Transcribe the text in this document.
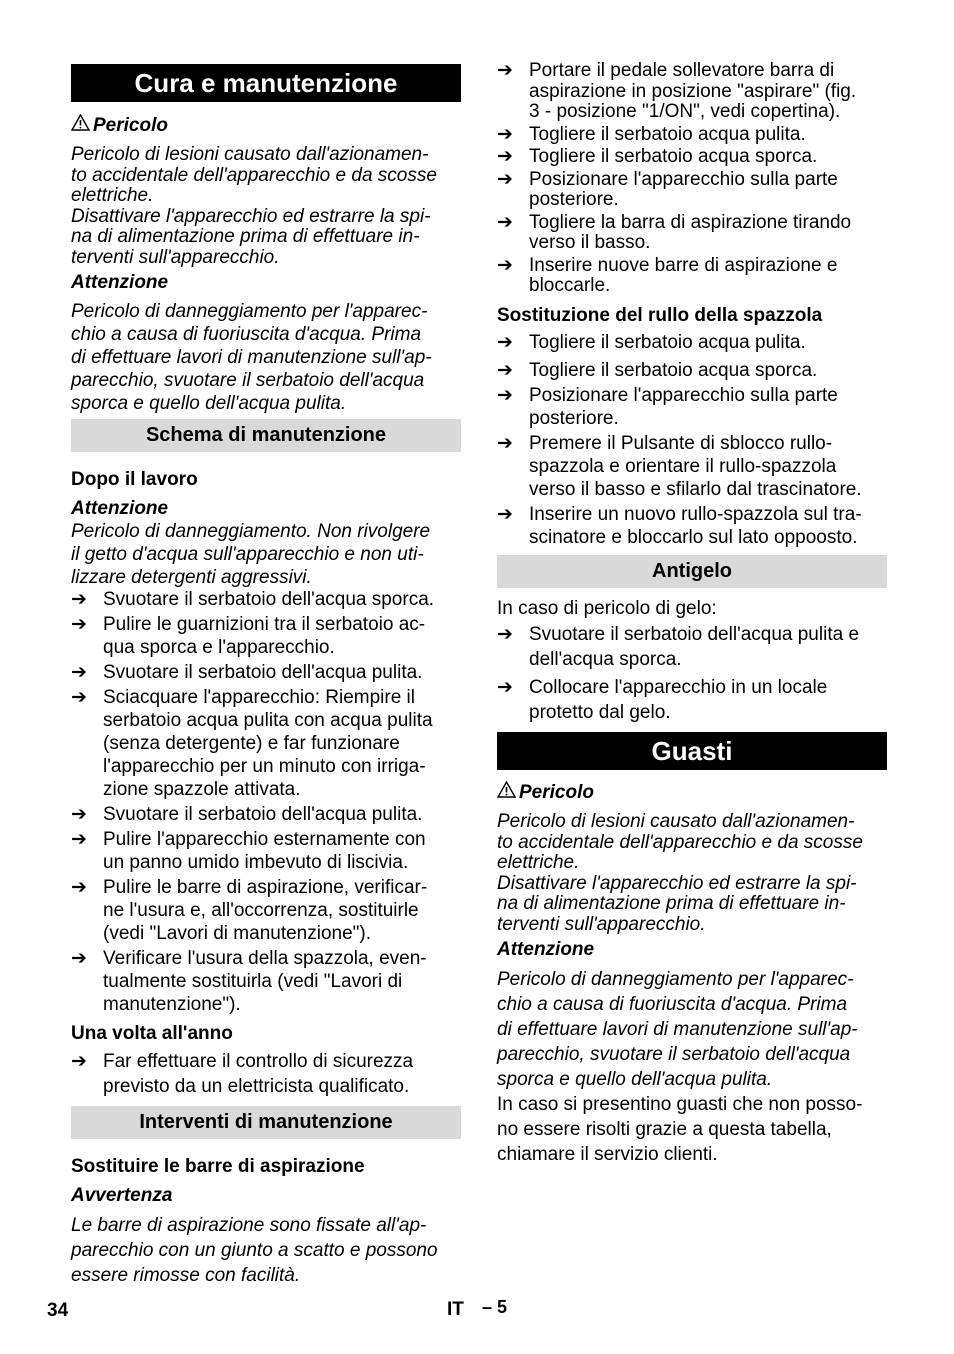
Cura e manutenzione
Pericolo
Pericolo di lesioni causato dall'azionamen-
to accidentale dell'apparecchio e da scosse
elettriche.
Disattivare l'apparecchio ed estrarre la spi-
na di alimentazione prima di effettuare in-
terventi sull'apparecchio.
Attenzione
Pericolo di danneggiamento per l'apparec-
chio a causa di fuoriuscita d'acqua. Prima
di effettuare lavori di manutenzione sull'ap-
parecchio, svuotare il serbatoio dell'acqua
sporca e quello dell'acqua pulita.
Schema di manutenzione
Dopo il lavoro
Attenzione
Pericolo di danneggiamento. Non rivolgere
il getto d'acqua sull'apparecchio e non uti-
lizzare detergenti aggressivi.
➔ Svuotare il serbatoio dell'acqua sporca.
➔ Pulire le guarnizioni tra il serbatoio ac-
qua sporca e l'apparecchio.
➔ Svuotare il serbatoio dell'acqua pulita.
➔ Sciacquare l'apparecchio: Riempire il
serbatoio acqua pulita con acqua pulita
(senza detergente) e far funzionare
l'apparecchio per un minuto con irriga-
zione spazzole attivata.
➔ Svuotare il serbatoio dell'acqua pulita.
➔ Pulire l'apparecchio esternamente con
un panno umido imbevuto di liscivia.
➔ Pulire le barre di aspirazione, verificar-
ne l'usura e, all'occorrenza, sostituirle
(vedi "Lavori di manutenzione").
➔ Verificare l'usura della spazzola, even-
tualmente sostituirla (vedi "Lavori di
manutenzione").
Una volta all'anno
➔ Far effettuare il controllo di sicurezza
previsto da un elettricista qualificato.
Interventi di manutenzione
Sostituire le barre di aspirazione
Avvertenza
Le barre di aspirazione sono fissate all'ap-
parecchio con un giunto a scatto e possono
essere rimosse con facilità.
➔ Portare il pedale sollevatore barra di
aspirazione in posizione "aspirare" (fig.
3 - posizione "1/ON", vedi copertina).
➔ Togliere il serbatoio acqua pulita.
➔ Togliere il serbatoio acqua sporca.
➔ Posizionare l'apparecchio sulla parte
posteriore.
➔ Togliere la barra di aspirazione tirando
verso il basso.
➔ Inserire nuove barre di aspirazione e
bloccarle.
Sostituzione del rullo della spazzola
➔ Togliere il serbatoio acqua pulita.
➔ Togliere il serbatoio acqua sporca.
➔ Posizionare l'apparecchio sulla parte
posteriore.
➔ Premere il Pulsante di sblocco rullo-
spazzola e orientare il rullo-spazzola
verso il basso e sfilarlo dal trascinatore.
➔ Inserire un nuovo rullo-spazzola sul tra-
scinatore e bloccarlo sul lato oppoosto.
Antigelo
In caso di pericolo di gelo:
➔ Svuotare il serbatoio dell'acqua pulita e
dell'acqua sporca.
➔ Collocare l'apparecchio in un locale
protetto dal gelo.
Guasti
Pericolo
Pericolo di lesioni causato dall'azionamen-
to accidentale dell'apparecchio e da scosse
elettriche.
Disattivare l'apparecchio ed estrarre la spi-
na di alimentazione prima di effettuare in-
terventi sull'apparecchio.
Attenzione
Pericolo di danneggiamento per l'apparec-
chio a causa di fuoriuscita d'acqua. Prima
di effettuare lavori di manutenzione sull'ap-
parecchio, svuotare il serbatoio dell'acqua
sporca e quello dell'acqua pulita.
In caso si presentino guasti che non posso-
no essere risolti grazie a questa tabella,
chiamare il servizio clienti.
34	IT – 5
